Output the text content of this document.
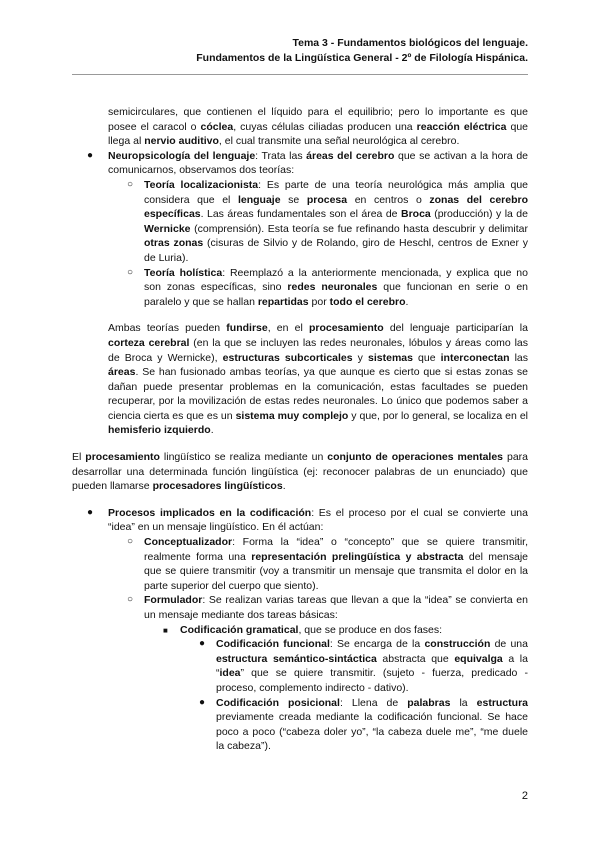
Tema 3 - Fundamentos biológicos del lenguaje.
Fundamentos de la Lingüística General - 2º de Filología Hispánica.

semicirculares, que contienen el líquido para el equilibrio; pero lo importante es que posee el caracol o cóclea, cuyas células ciliadas producen una reacción eléctrica que llega al nervio auditivo, el cual transmite una señal neurológica al cerebro.

● Neuropsicología del lenguaje: Trata las áreas del cerebro que se activan a la hora de comunicarnos, observamos dos teorías:

○ Teoría localizacionista: Es parte de una teoría neurológica más amplia que considera que el lenguaje se procesa en centros o zonas del cerebro específicas. Las áreas fundamentales son el área de Broca (producción) y la de Wernicke (comprensión). Esta teoría se fue refinando hasta descubrir y delimitar otras zonas (cisuras de Silvio y de Rolando, giro de Heschl, centros de Exner y de Luria).

○ Teoría holística: Reemplazó a la anteriormente mencionada, y explica que no son zonas específicas, sino redes neuronales que funcionan en serie o en paralelo y que se hallan repartidas por todo el cerebro.

Ambas teorías pueden fundirse, en el procesamiento del lenguaje participarían la corteza cerebral (en la que se incluyen las redes neuronales, lóbulos y áreas como las de Broca y Wernicke), estructuras subcorticales y sistemas que interconectan las áreas. Se han fusionado ambas teorías, ya que aunque es cierto que si estas zonas se dañan puede presentar problemas en la comunicación, estas facultades se pueden recuperar, por la movilización de estas redes neuronales. Lo único que podemos saber a ciencia cierta es que es un sistema muy complejo y que, por lo general, se localiza en el hemisferio izquierdo.

El procesamiento lingüístico se realiza mediante un conjunto de operaciones mentales para desarrollar una determinada función lingüística (ej: reconocer palabras de un enunciado) que pueden llamarse procesadores lingüísticos.

● Procesos implicados en la codificación: Es el proceso por el cual se convierte una “idea” en un mensaje lingüístico. En él actúan:

○ Conceptualizador: Forma la “idea” o “concepto” que se quiere transmitir, realmente forma una representación prelingüística y abstracta del mensaje que se quiere transmitir (voy a transmitir un mensaje que transmita el dolor en la parte superior del cuerpo que siento).

○ Formulador: Se realizan varias tareas que llevan a que la “idea” se convierta en un mensaje mediante dos tareas básicas:

■ Codificación gramatical, que se produce en dos fases:

● Codificación funcional: Se encarga de la construcción de una estructura semántico-sintáctica abstracta que equivalga a la “idea” que se quiere transmitir. (sujeto - fuerza, predicado - proceso, complemento indirecto - dativo).

● Codificación posicional: Llena de palabras la estructura previamente creada mediante la codificación funcional. Se hace poco a poco (“cabeza doler yo”, “la cabeza duele me”, “me duele la cabeza”).

2
